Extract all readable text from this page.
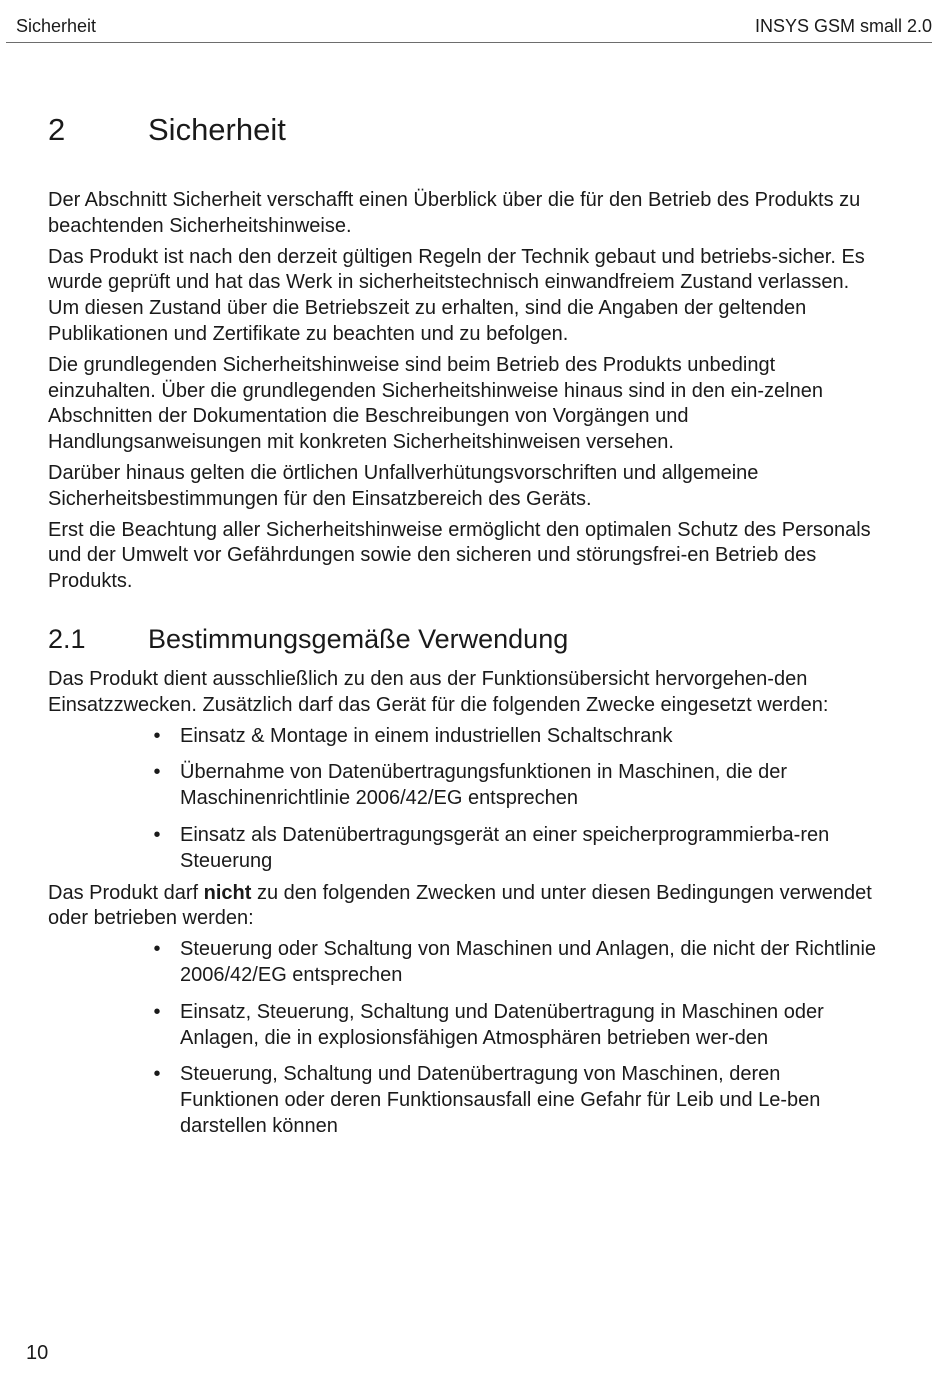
Sicherheit	INSYS GSM small 2.0
2	Sicherheit

Der Abschnitt Sicherheit verschafft einen Überblick über die für den Betrieb des Produkts zu beachtenden Sicherheitshinweise.

Das Produkt ist nach den derzeit gültigen Regeln der Technik gebaut und betriebs-sicher. Es wurde geprüft und hat das Werk in sicherheitstechnisch einwandfreiem Zustand verlassen. Um diesen Zustand über die Betriebszeit zu erhalten, sind die Angaben der geltenden Publikationen und Zertifikate zu beachten und zu befolgen.

Die grundlegenden Sicherheitshinweise sind beim Betrieb des Produkts unbedingt einzuhalten. Über die grundlegenden Sicherheitshinweise hinaus sind in den ein-zelnen Abschnitten der Dokumentation die Beschreibungen von Vorgängen und Handlungsanweisungen mit konkreten Sicherheitshinweisen versehen.

Darüber hinaus gelten die örtlichen Unfallverhütungsvorschriften und allgemeine Sicherheitsbestimmungen für den Einsatzbereich des Geräts.

Erst die Beachtung aller Sicherheitshinweise ermöglicht den optimalen Schutz des Personals und der Umwelt vor Gefährdungen sowie den sicheren und störungsfrei-en Betrieb des Produkts.

2.1 Bestimmungsgemäße Verwendung

Das Produkt dient ausschließlich zu den aus der Funktionsübersicht hervorgehen-den Einsatzzwecken. Zusätzlich darf das Gerät für die folgenden Zwecke eingesetzt werden:

• Einsatz & Montage in einem industriellen Schaltschrank
• Übernahme von Datenübertragungsfunktionen in Maschinen, die der Maschinenrichtlinie 2006/42/EG entsprechen
• Einsatz als Datenübertragungsgerät an einer speicherprogrammierba-ren Steuerung

Das Produkt darf nicht zu den folgenden Zwecken und unter diesen Bedingungen verwendet oder betrieben werden:

• Steuerung oder Schaltung von Maschinen und Anlagen, die nicht der Richtlinie 2006/42/EG entsprechen
• Einsatz, Steuerung, Schaltung und Datenübertragung in Maschinen oder Anlagen, die in explosionsfähigen Atmosphären betrieben wer-den
• Steuerung, Schaltung und Datenübertragung von Maschinen, deren Funktionen oder deren Funktionsausfall eine Gefahr für Leib und Le-ben darstellen können
10
